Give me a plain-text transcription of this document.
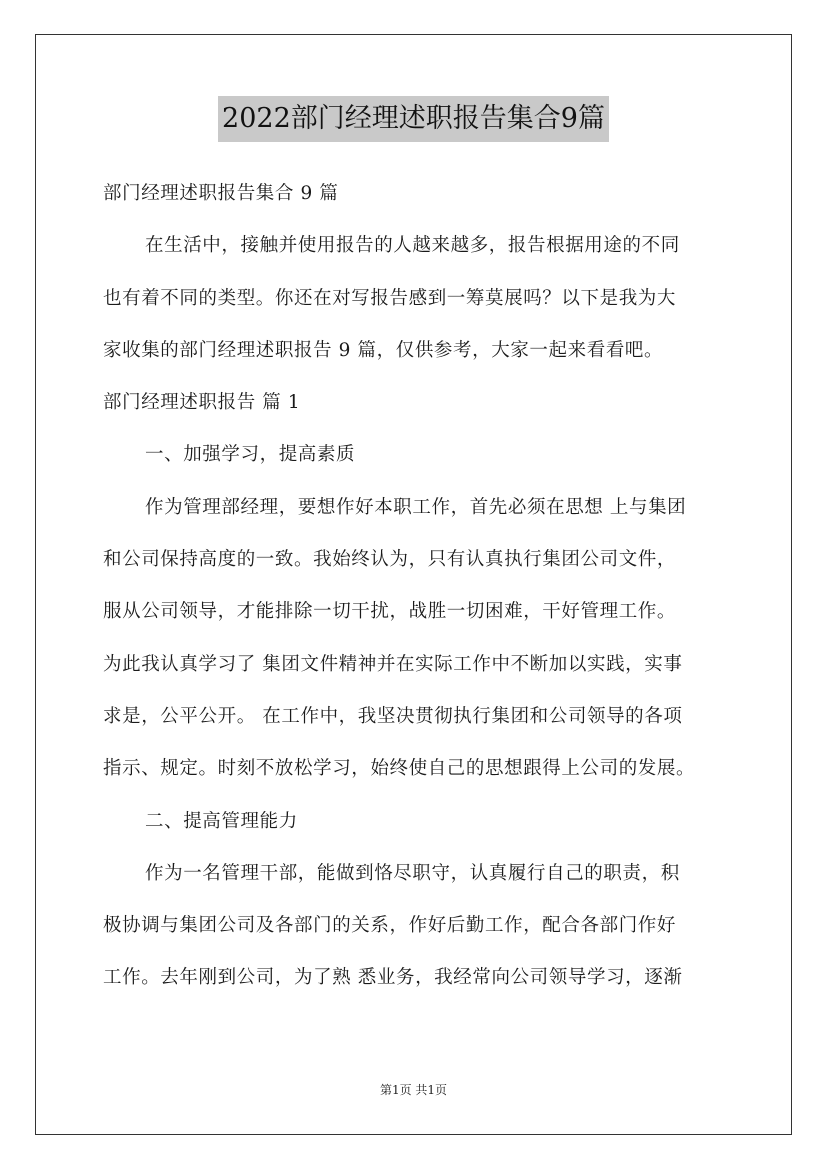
2022部门经理述职报告集合9篇
部门经理述职报告集合 9 篇
在生活中，接触并使用报告的人越来越多，报告根据用途的不同
也有着不同的类型。你还在对写报告感到一筹莫展吗？以下是我为大
家收集的部门经理述职报告 9 篇，仅供参考，大家一起来看看吧。
部门经理述职报告 篇 1
一、加强学习，提高素质
作为管理部经理，要想作好本职工作，首先必须在思想 上与集团
和公司保持高度的一致。我始终认为，只有认真执行集团公司文件，
服从公司领导，才能排除一切干扰，战胜一切困难，干好管理工作。
为此我认真学习了 集团文件精神并在实际工作中不断加以实践，实事
求是，公平公开。 在工作中，我坚决贯彻执行集团和公司领导的各项
指示、规定。时刻不放松学习，始终使自己的思想跟得上公司的发展。
二、提高管理能力
作为一名管理干部，能做到恪尽职守，认真履行自己的职责，积
极协调与集团公司及各部门的关系，作好后勤工作，配合各部门作好
工作。去年刚到公司，为了熟 悉业务，我经常向公司领导学习，逐渐
第1页 共1页
